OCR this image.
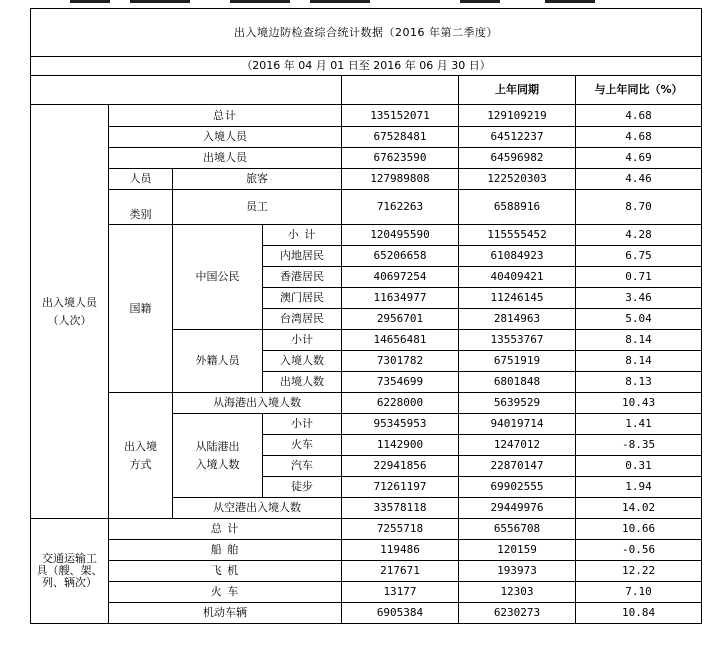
出入境边防检查综合统计数据（2016 年第二季度）						
（2016 年 04 月 01 日至 2016 年 06 月 30 日）						
					上年同期	与上年同比（%）

出入境人员
（人次）	总计			135152071	129109219	4.68
	入境人员			67528481	64512237	4.68
	出境人员			67623590	64596982	4.69
	人员	旅客		127989808	122520303	4.46
	类别	员工		7162263	6588916	8.70
	国籍	中国公民	小 计	120495590	115555452	4.28
			内地居民	65206658	61084923	6.75
			香港居民	40697254	40409421	0.71
			澳门居民	11634977	11246145	3.46
			台湾居民	2956701	2814963	5.04
		外籍人员	小计	14656481	13553767	8.14
			入境人数	7301782	6751919	8.14
			出境人数	7354699	6801848	8.13

	出入境
方式	从海港出入境人数		6228000	5639529	10.43

		从陆港出
入境人数	小计	95345953	94019714	1.41
			火车	1142900	1247012	-8.35
			汽车	22941856	22870147	0.31
			徒步	71261197	69902555	1.94
		从空港出入境人数		33578118	29449976	14.02

交通运输工
具（艘、架、
列、辆次）	总 计			7255718	6556708	10.66
	船 舶			119486	120159	-0.56
	飞 机			217671	193973	12.22
	火 车			13177	12303	7.10
	机动车辆			6905384	6230273	10.84
